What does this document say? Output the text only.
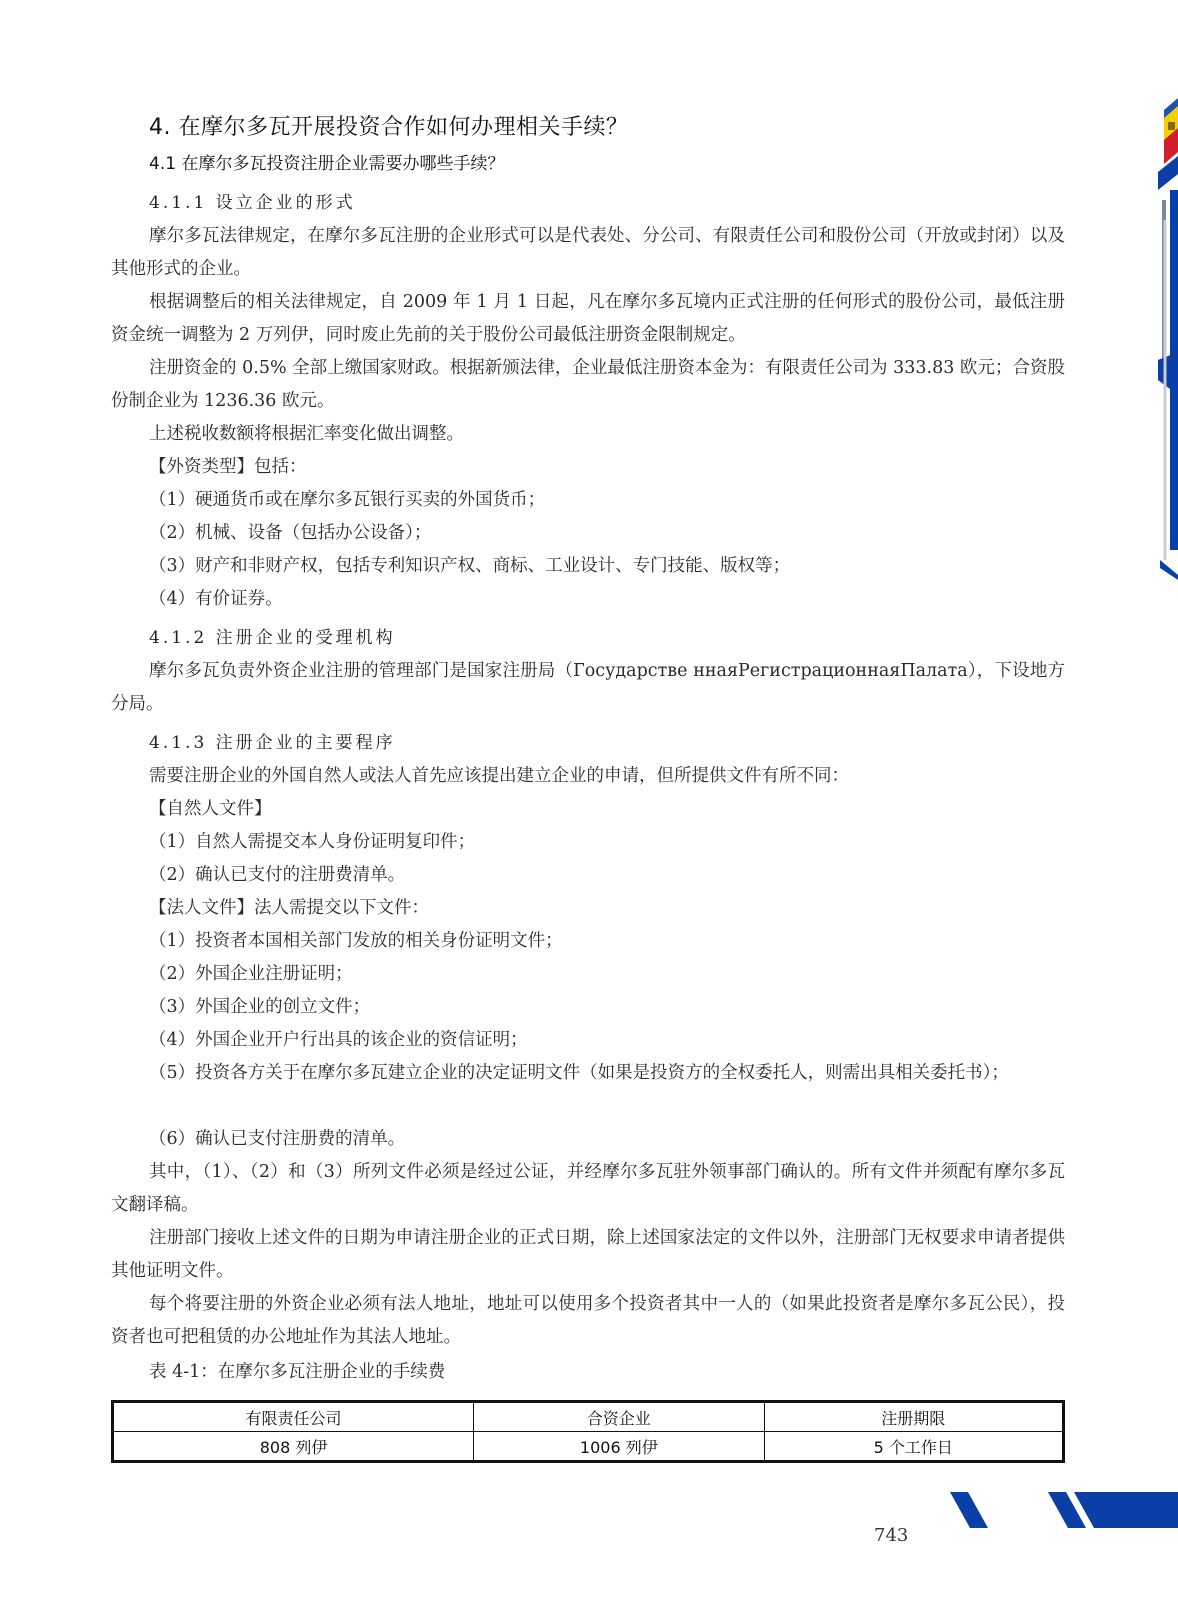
4. 在摩尔多瓦开展投资合作如何办理相关手续？
4.1 在摩尔多瓦投资注册企业需要办哪些手续？
4.1.1 设立企业的形式
摩尔多瓦法律规定，在摩尔多瓦注册的企业形式可以是代表处、分公司、有限责任公司和股份公司（开放或封闭）以及其他形式的企业。
根据调整后的相关法律规定，自 2009 年 1 月 1 日起，凡在摩尔多瓦境内正式注册的任何形式的股份公司，最低注册资金统一调整为 2 万列伊，同时废止先前的关于股份公司最低注册资金限制规定。
注册资金的 0.5% 全部上缴国家财政。根据新颁法律，企业最低注册资本金为：有限责任公司为 333.83 欧元；合资股份制企业为 1236.36 欧元。
上述税收数额将根据汇率变化做出调整。
【外资类型】包括：
（1）硬通货币或在摩尔多瓦银行买卖的外国货币；
（2）机械、设备（包括办公设备）；
（3）财产和非财产权，包括专利知识产权、商标、工业设计、专门技能、版权等；
（4）有价证券。
4.1.2 注册企业的受理机构
摩尔多瓦负责外资企业注册的管理部门是国家注册局（Государстве ннаяРегистрационнаяПалата），下设地方分局。
4.1.3 注册企业的主要程序
需要注册企业的外国自然人或法人首先应该提出建立企业的申请，但所提供文件有所不同：
【自然人文件】
（1）自然人需提交本人身份证明复印件；
（2）确认已支付的注册费清单。
【法人文件】法人需提交以下文件：
（1）投资者本国相关部门发放的相关身份证明文件；
（2）外国企业注册证明；
（3）外国企业的创立文件；
（4）外国企业开户行出具的该企业的资信证明；
（5）投资各方关于在摩尔多瓦建立企业的决定证明文件（如果是投资方的全权委托人，则需出具相关委托书）；
（6）确认已支付注册费的清单。
其中，（1）、（2）和（3）所列文件必须是经过公证，并经摩尔多瓦驻外领事部门确认的。所有文件并须配有摩尔多瓦文翻译稿。
注册部门接收上述文件的日期为申请注册企业的正式日期，除上述国家法定的文件以外，注册部门无权要求申请者提供其他证明文件。
每个将要注册的外资企业必须有法人地址，地址可以使用多个投资者其中一人的（如果此投资者是摩尔多瓦公民），投资者也可把租赁的办公地址作为其法人地址。
表 4-1：在摩尔多瓦注册企业的手续费
有限责任公司	合资企业	注册期限
808 列伊	1006 列伊	5 个工作日
743
